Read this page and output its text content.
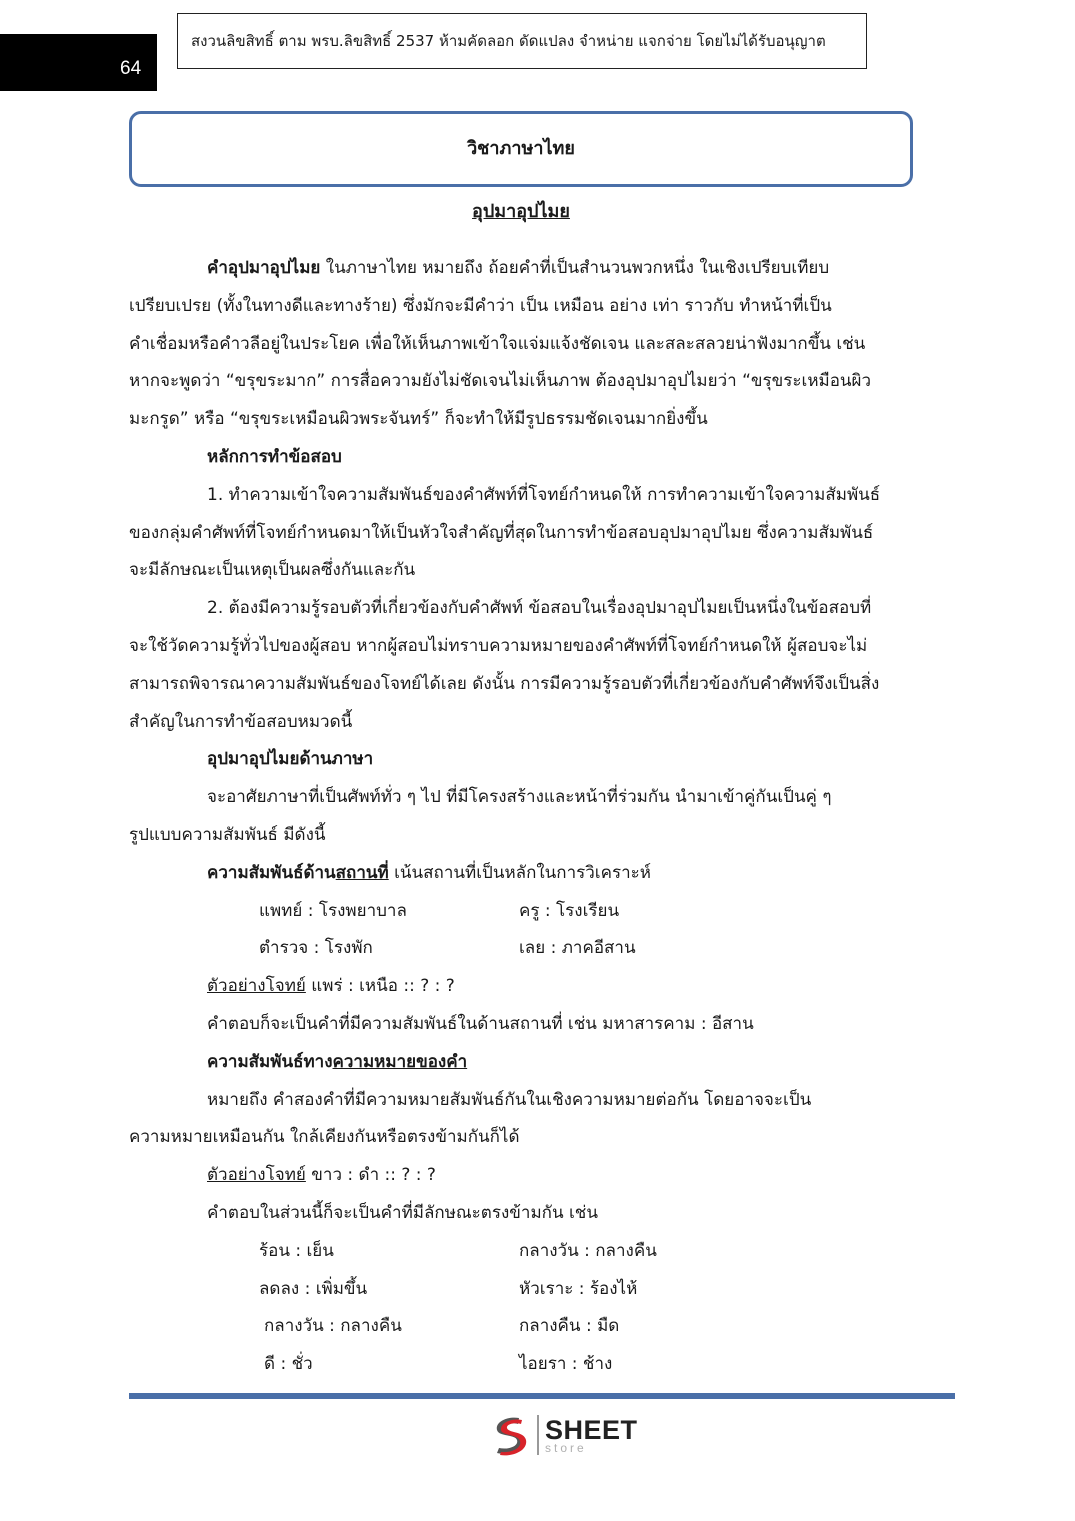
64
สงวนลิขสิทธิ์ ตาม พรบ.ลิขสิทธิ์ 2537 ห้ามคัดลอก ดัดแปลง จำหน่าย แจกจ่าย โดยไม่ได้รับอนุญาต
วิชาภาษาไทย
อุปมาอุปไมย

คำอุปมาอุปไมย ในภาษาไทย หมายถึง ถ้อยคำที่เป็นสำนวนพวกหนึ่ง ในเชิงเปรียบเทียบ

เปรียบเปรย (ทั้งในทางดีและทางร้าย) ซึ่งมักจะมีคำว่า เป็น เหมือน อย่าง เท่า ราวกับ ทำหน้าที่เป็น

คำเชื่อมหรือคำวลีอยู่ในประโยค เพื่อให้เห็นภาพเข้าใจแจ่มแจ้งชัดเจน และสละสลวยน่าฟังมากขึ้น เช่น

หากจะพูดว่า “ขรุขระมาก” การสื่อความยังไม่ชัดเจนไม่เห็นภาพ ต้องอุปมาอุปไมยว่า “ขรุขระเหมือนผิว

มะกรูด” หรือ “ขรุขระเหมือนผิวพระจันทร์” ก็จะทำให้มีรูปธรรมชัดเจนมากยิ่งขึ้น

หลักการทำข้อสอบ

1. ทำความเข้าใจความสัมพันธ์ของคำศัพท์ที่โจทย์กำหนดให้ การทำความเข้าใจความสัมพันธ์

ของกลุ่มคำศัพท์ที่โจทย์กำหนดมาให้เป็นหัวใจสำคัญที่สุดในการทำข้อสอบอุปมาอุปไมย ซึ่งความสัมพันธ์

จะมีลักษณะเป็นเหตุเป็นผลซึ่งกันและกัน

2. ต้องมีความรู้รอบตัวที่เกี่ยวข้องกับคำศัพท์ ข้อสอบในเรื่องอุปมาอุปไมยเป็นหนึ่งในข้อสอบที่

จะใช้วัดความรู้ทั่วไปของผู้สอบ หากผู้สอบไม่ทราบความหมายของคำศัพท์ที่โจทย์กำหนดให้ ผู้สอบจะไม่

สามารถพิจารณาความสัมพันธ์ของโจทย์ได้เลย ดังนั้น การมีความรู้รอบตัวที่เกี่ยวข้องกับคำศัพท์จึงเป็นสิ่ง

สำคัญในการทำข้อสอบหมวดนี้

อุปมาอุปไมยด้านภาษา

จะอาศัยภาษาที่เป็นศัพท์ทั่ว ๆ ไป ที่มีโครงสร้างและหน้าที่ร่วมกัน นำมาเข้าคู่กันเป็นคู่ ๆ

รูปแบบความสัมพันธ์ มีดังนี้

ความสัมพันธ์ด้านสถานที่ เน้นสถานที่เป็นหลักในการวิเคราะห์

แพทย์ : โรงพยาบาล	ครู : โรงเรียน
ตำรวจ : โรงพัก	เลย : ภาคอีสาน

ตัวอย่างโจทย์ แพร่ : เหนือ :: ? : ?

คำตอบก็จะเป็นคำที่มีความสัมพันธ์ในด้านสถานที่ เช่น มหาสารคาม : อีสาน

ความสัมพันธ์ทางความหมายของคำ

หมายถึง คำสองคำที่มีความหมายสัมพันธ์กันในเชิงความหมายต่อกัน โดยอาจจะเป็น

ความหมายเหมือนกัน ใกล้เคียงกันหรือตรงข้ามกันก็ได้

ตัวอย่างโจทย์ ขาว : ดำ :: ? : ?

คำตอบในส่วนนี้ก็จะเป็นคำที่มีลักษณะตรงข้ามกัน เช่น

ร้อน : เย็น	กลางวัน : กลางคืน
ลดลง : เพิ่มขึ้น	หัวเราะ : ร้องไห้
กลางวัน : กลางคืน	กลางคืน : มืด
ดี : ชั่ว	ไอยรา : ช้าง
SHEET
store
